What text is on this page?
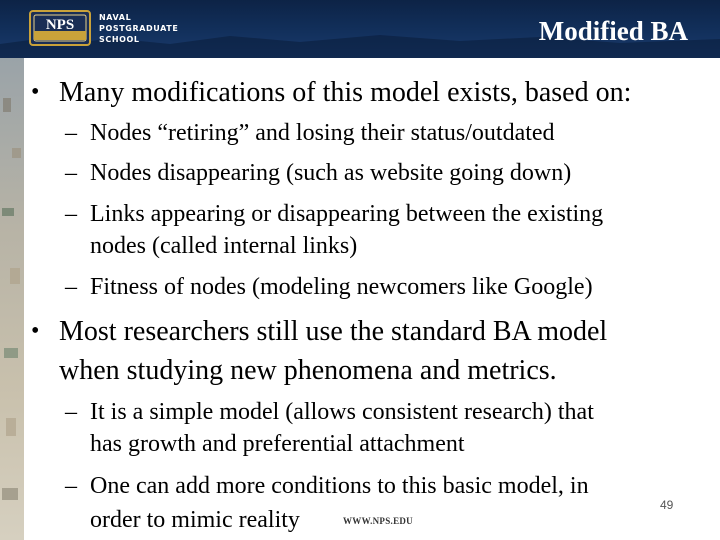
NPS	NAVAL
POSTGRADUATE
SCHOOL	Modified BA
• Many modifications of this model exists, based on:
– Nodes “retiring” and losing their status/outdated
– Nodes disappearing (such as website going down)
– Links appearing or disappearing between the existing
nodes (called internal links)
– Fitness of nodes (modeling newcomers like Google)
• Most researchers still use the standard BA model
when studying new phenomena and metrics.
– It is a simple model (allows consistent research) that
has growth and preferential attachment
– One can add more conditions to this basic model, in
order to mimic reality	WWW.NPS.EDU
49
